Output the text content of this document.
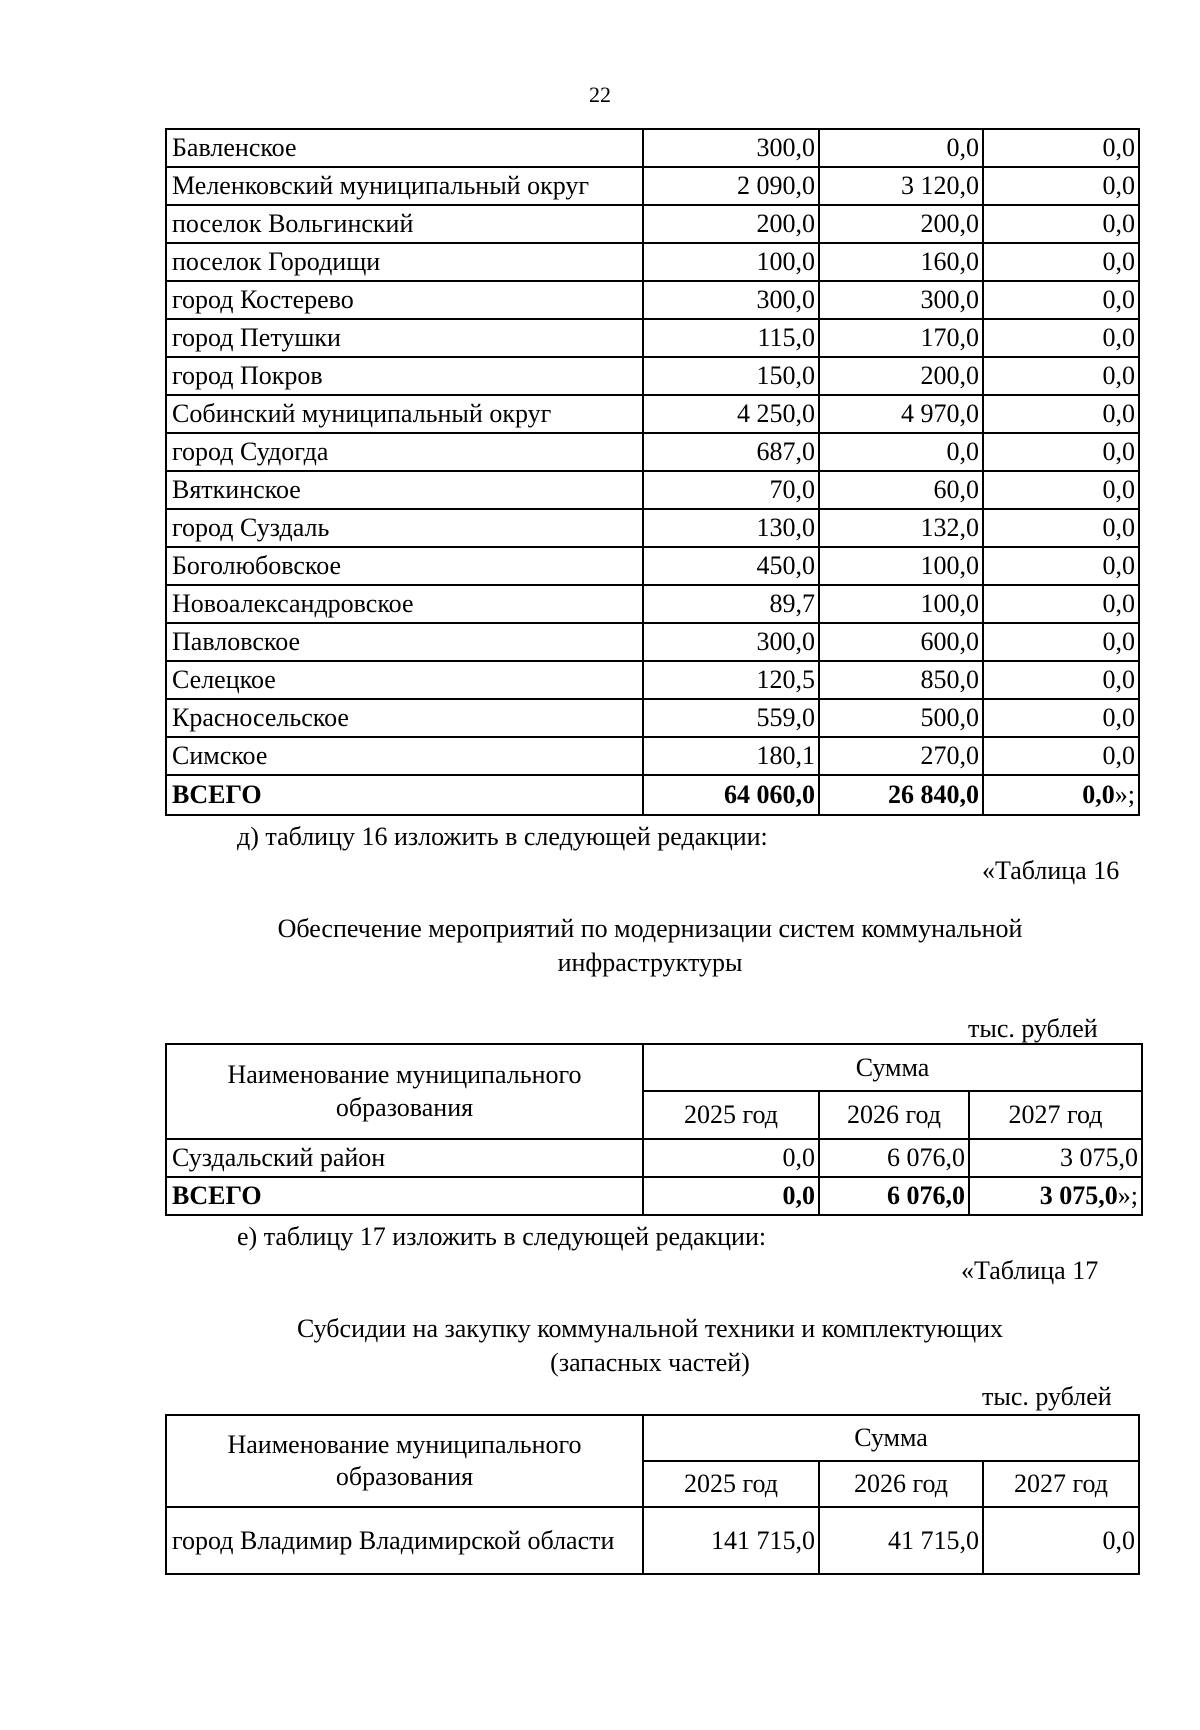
22
Бавленское	300,0	0,0	0,0
Меленковский муниципальный округ	2 090,0	3 120,0	0,0
поселок Вольгинский	200,0	200,0	0,0
поселок Городищи	100,0	160,0	0,0
город Костерево	300,0	300,0	0,0
город Петушки	115,0	170,0	0,0
город Покров	150,0	200,0	0,0
Собинский муниципальный округ	4 250,0	4 970,0	0,0
город Судогда	687,0	0,0	0,0
Вяткинское	70,0	60,0	0,0
город Суздаль	130,0	132,0	0,0
Боголюбовское	450,0	100,0	0,0
Новоалександровское	89,7	100,0	0,0
Павловское	300,0	600,0	0,0
Селецкое	120,5	850,0	0,0
Красносельское	559,0	500,0	0,0
Симское	180,1	270,0	0,0
ВСЕГО	64 060,0	26 840,0	0,0»;
д) таблицу 16 изложить в следующей редакции:
«Таблица 16
Обеспечение мероприятий по модернизации систем коммунальной
инфраструктуры
тыс. рублей
Наименование муниципального образования	Сумма		
	2025 год	2026 год	2027 год
Суздальский район	0,0	6 076,0	3 075,0
ВСЕГО	0,0	6 076,0	3 075,0»;
е) таблицу 17 изложить в следующей редакции:
«Таблица 17
Субсидии на закупку коммунальной техники и комплектующих
(запасных частей)
тыс. рублей
Наименование муниципального образования	Сумма		
	2025 год	2026 год	2027 год
город Владимир Владимирской области	141 715,0	41 715,0	0,0
